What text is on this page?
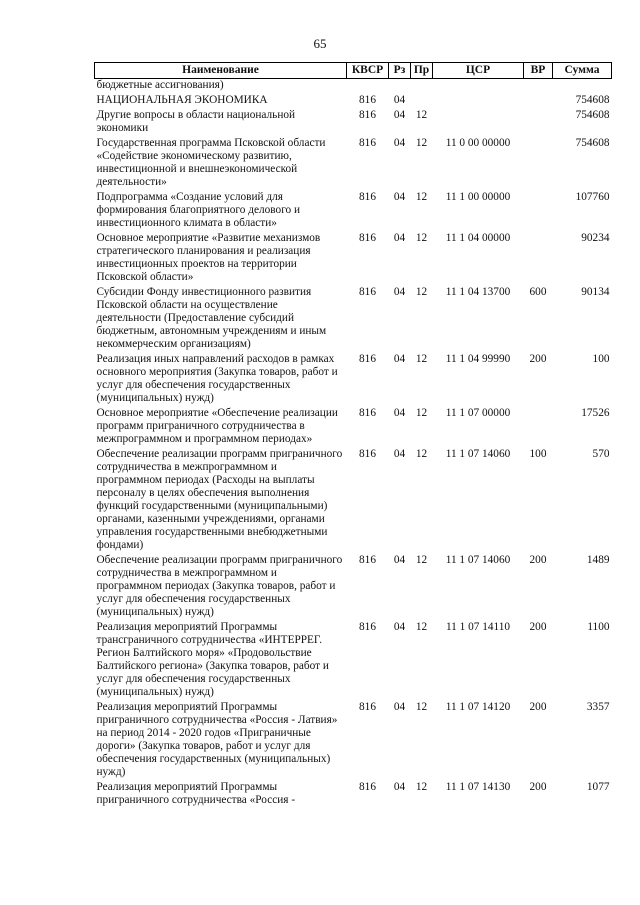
65
Наименование	КВСР	Рз	Пр	ЦСР	ВР	Сумма
бюджетные ассигнования)						
НАЦИОНАЛЬНАЯ ЭКОНОМИКА	816	04				754608
Другие вопросы в области национальной экономики	816	04	12			754608
Государственная программа Псковской области «Содействие экономическому развитию, инвестиционной и внешнеэкономической деятельности»	816	04	12	11 0 00 00000		754608
Подпрограмма «Создание условий для формирования благоприятного делового и инвестиционного климата в области»	816	04	12	11 1 00 00000		107760
Основное мероприятие «Развитие механизмов стратегического планирования и реализация инвестиционных проектов на территории Псковской области»	816	04	12	11 1 04 00000		90234
Субсидии Фонду инвестиционного развития Псковской области на осуществление деятельности (Предоставление субсидий бюджетным, автономным учреждениям и иным некоммерческим организациям)	816	04	12	11 1 04 13700	600	90134
Реализация иных направлений расходов в рамках основного мероприятия (Закупка товаров, работ и услуг для обеспечения государственных (муниципальных) нужд)	816	04	12	11 1 04 99990	200	100
Основное мероприятие «Обеспечение реализации программ приграничного сотрудничества в межпрограммном и программном периодах»	816	04	12	11 1 07 00000		17526
Обеспечение реализации программ приграничного сотрудничества в межпрограммном и программном периодах (Расходы на выплаты персоналу в целях обеспечения выполнения функций государственными (муниципальными) органами, казенными учреждениями, органами управления государственными внебюджетными фондами)	816	04	12	11 1 07 14060	100	570
Обеспечение реализации программ приграничного сотрудничества в межпрограммном и программном периодах (Закупка товаров, работ и услуг для обеспечения государственных (муниципальных) нужд)	816	04	12	11 1 07 14060	200	1489
Реализация мероприятий Программы трансграничного сотрудничества «ИНТЕРРЕГ. Регион Балтийского моря» «Продовольствие Балтийского региона» (Закупка товаров, работ и услуг для обеспечения государственных (муниципальных) нужд)	816	04	12	11 1 07 14110	200	1100
Реализация мероприятий Программы приграничного сотрудничества «Россия - Латвия» на период 2014 - 2020 годов «Приграничные дороги» (Закупка товаров, работ и услуг для обеспечения государственных (муниципальных) нужд)	816	04	12	11 1 07 14120	200	3357
Реализация мероприятий Программы приграничного сотрудничества «Россия -	816	04	12	11 1 07 14130	200	1077
